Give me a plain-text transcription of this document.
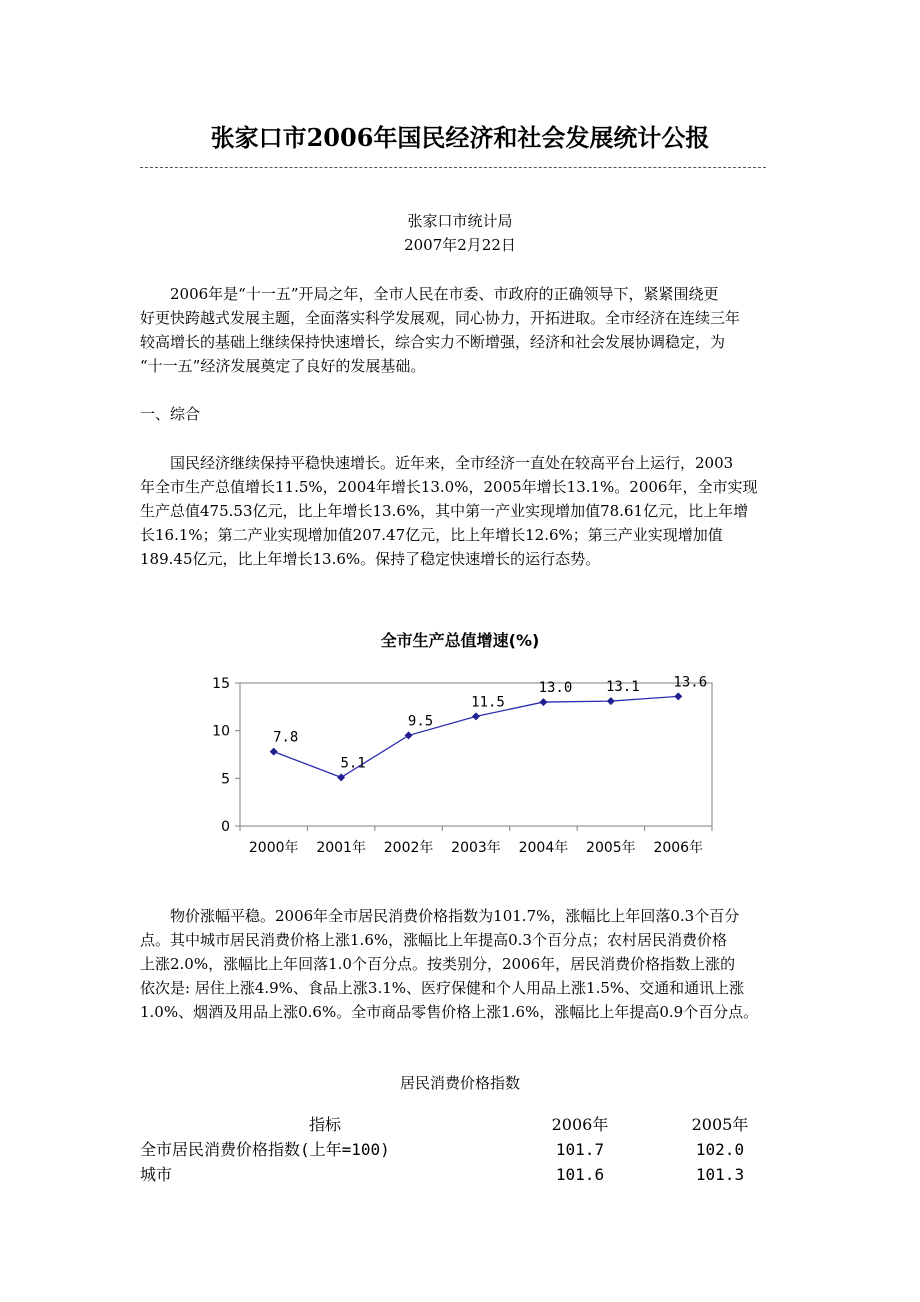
张家口市2006年国民经济和社会发展统计公报
张家口市统计局
2007年2月22日
2006年是“十一五”开局之年，全市人民在市委、市政府的正确领导下，紧紧围绕更
好更快跨越式发展主题，全面落实科学发展观，同心协力，开拓进取。全市经济在连续三年
较高增长的基础上继续保持快速增长，综合实力不断增强，经济和社会发展协调稳定，为
“十一五”经济发展奠定了良好的发展基础。
一、综合
国民经济继续保持平稳快速增长。近年来，全市经济一直处在较高平台上运行，2003
年全市生产总值增长11.5%，2004年增长13.0%，2005年增长13.1%。2006年，全市实现
生产总值475.53亿元，比上年增长13.6%，其中第一产业实现增加值78.61亿元，比上年增
长16.1%；第二产业实现增加值207.47亿元，比上年增长12.6%；第三产业实现增加值
189.45亿元，比上年增长13.6%。保持了稳定快速增长的运行态势。
全市生产总值增速(%)
0
5
10
15
2000年 2001年 2002年 2003年 2004年 2005年 2006年
7.8
5.1
9.5
11.5
13.0 13.1 13.6
物价涨幅平稳。2006年全市居民消费价格指数为101.7%，涨幅比上年回落0.3个百分
点。其中城市居民消费价格上涨1.6%，涨幅比上年提高0.3个百分点；农村居民消费价格
上涨2.0%，涨幅比上年回落1.0个百分点。按类别分，2006年，居民消费价格指数上涨的
依次是: 居住上涨4.9%、食品上涨3.1%、医疗保健和个人用品上涨1.5%、交通和通讯上涨
1.0%、烟酒及用品上涨0.6%。全市商品零售价格上涨1.6%，涨幅比上年提高0.9个百分点。
居民消费价格指数
指标	2006年	2005年
全市居民消费价格指数(上年=100)	101.7	102.0
城市	101.6	101.3
